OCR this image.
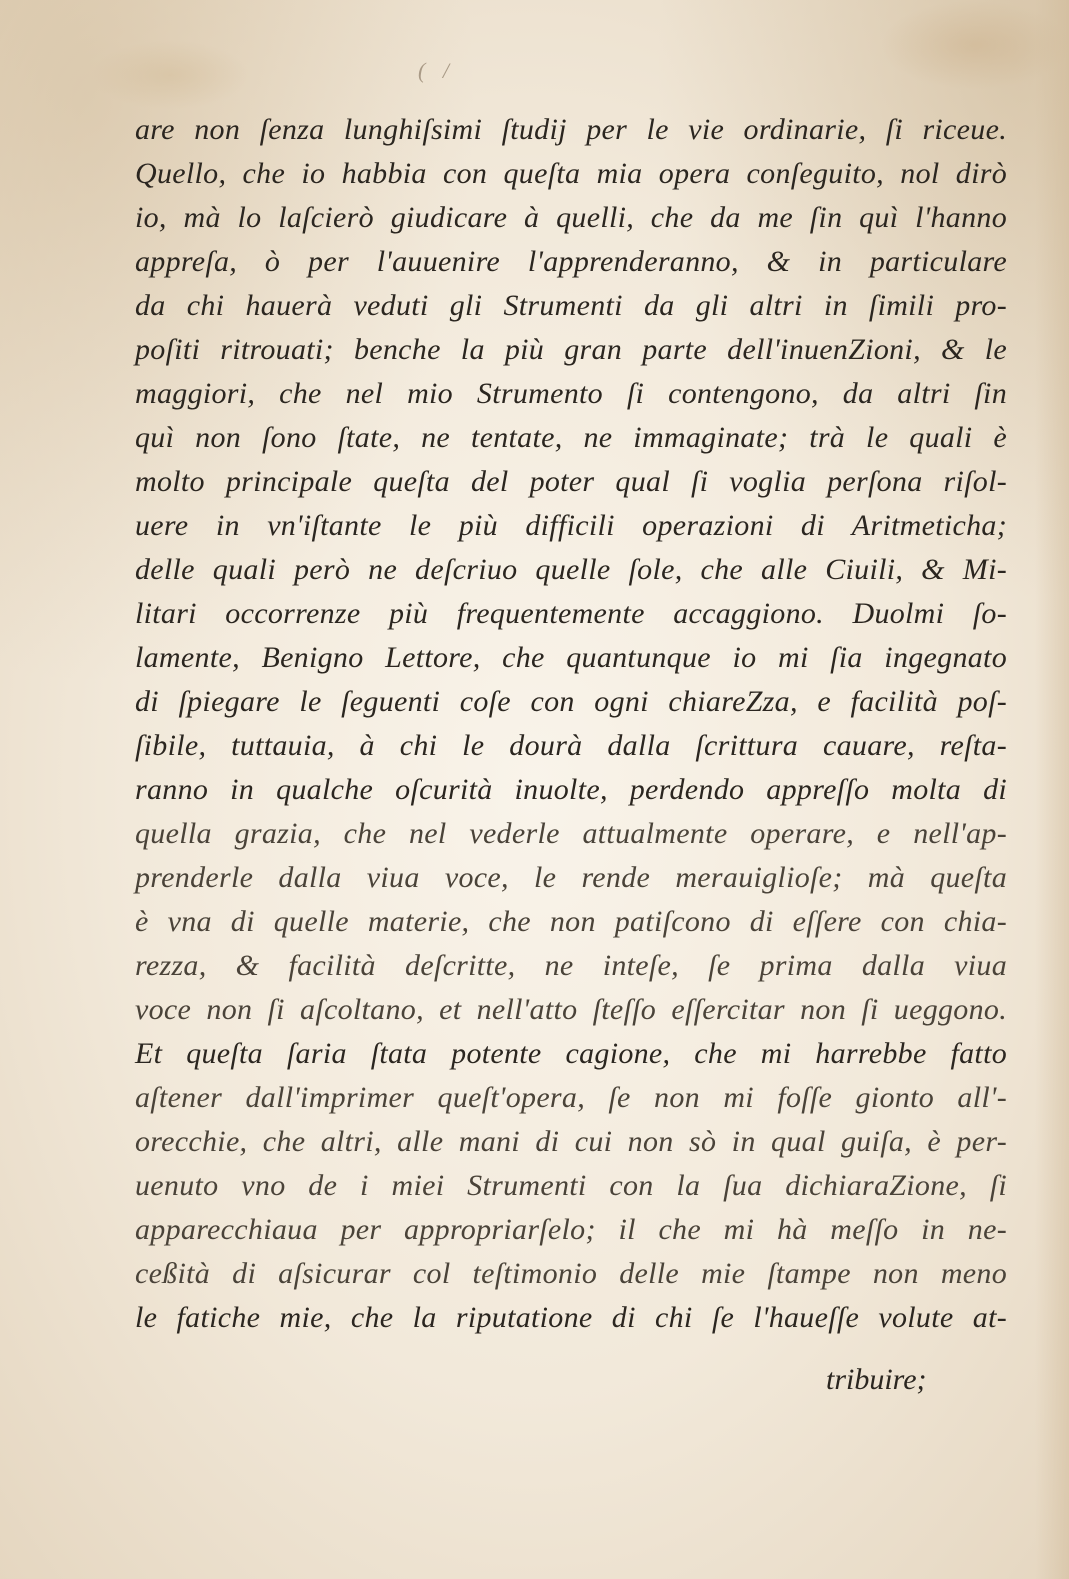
( /
are non ſenza lunghiſsimi ſtudij per le vie ordinarie, ſi riceue.
Quello, che io habbia con queſta mia opera conſeguito, nol dirò
io, mà lo laſcierò giudicare à quelli, che da me ſin quì l'hanno
appreſa, ò per l'auuenire l'apprenderanno, & in particulare
da chi hauerà veduti gli Strumenti da gli altri in ſimili pro-
poſiti ritrouati; benche la più gran parte dell'inuenZioni, & le
maggiori, che nel mio Strumento ſi contengono, da altri ſin
quì non ſono ſtate, ne tentate, ne immaginate; trà le quali è
molto principale queſta del poter qual ſi voglia perſona riſol-
uere in vn'iſtante le più difficili operazioni di Aritmeticha;
delle quali però ne deſcriuo quelle ſole, che alle Ciuili, & Mi-
litari occorrenze più frequentemente accaggiono. Duolmi ſo-
lamente, Benigno Lettore, che quantunque io mi ſia ingegnato
di ſpiegare le ſeguenti coſe con ogni chiareZza, e facilità poſ-
ſibile, tuttauia, à chi le dourà dalla ſcrittura cauare, reſta-
ranno in qualche oſcurità inuolte, perdendo appreſſo molta di
quella grazia, che nel vederle attualmente operare, e nell'ap-
prenderle dalla viua voce, le rende merauiglioſe; mà queſta
è vna di quelle materie, che non patiſcono di eſſere con chia-
rezza, & facilità deſcritte, ne inteſe, ſe prima dalla viua
voce non ſi aſcoltano, et nell'atto ſteſſo eſſercitar non ſi ueggono.
Et queſta ſaria ſtata potente cagione, che mi harrebbe fatto
aſtener dall'imprimer queſt'opera, ſe non mi foſſe gionto all'-
orecchie, che altri, alle mani di cui non sò in qual guiſa, è per-
uenuto vno de i miei Strumenti con la ſua dichiaraZione, ſi
apparecchiaua per appropriarſelo; il che mi hà meſſo in ne-
ceßità di aſsicurar col teſtimonio delle mie ſtampe non meno
le fatiche mie, che la riputatione di chi ſe l'haueſſe volute at-
tribuire;
